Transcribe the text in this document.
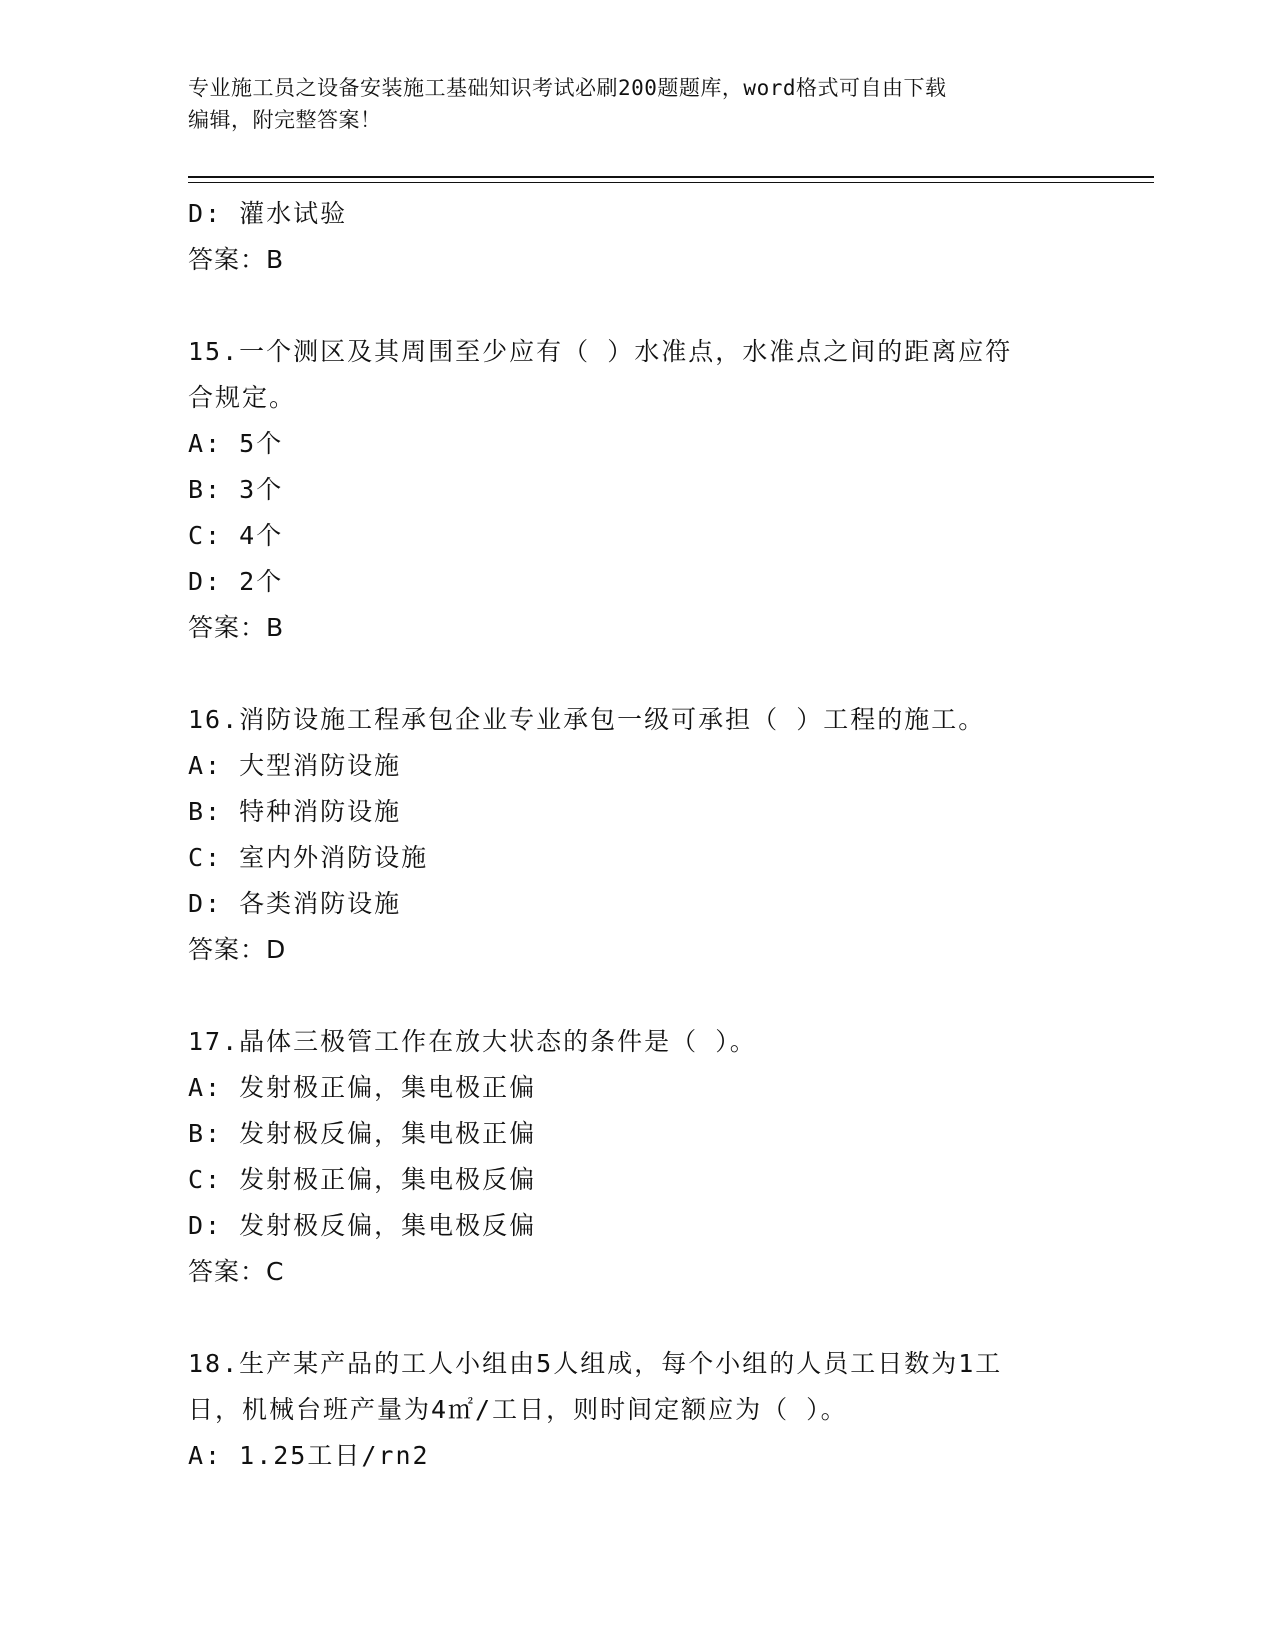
专业施工员之设备安装施工基础知识考试必刷200题题库，word格式可自由下载
编辑，附完整答案！
D: 灌水试验
答案：B
15.一个测区及其周围至少应有（ ）水准点，水准点之间的距离应符
合规定。
A: 5个
B: 3个
C: 4个
D: 2个
答案：B
16.消防设施工程承包企业专业承包一级可承担（ ）工程的施工。
A: 大型消防设施
B: 特种消防设施
C: 室内外消防设施
D: 各类消防设施
答案：D
17.晶体三极管工作在放大状态的条件是（ ）。
A: 发射极正偏，集电极正偏
B: 发射极反偏，集电极正偏
C: 发射极正偏，集电极反偏
D: 发射极反偏，集电极反偏
答案：C
18.生产某产品的工人小组由5人组成，每个小组的人员工日数为1工
日，机械台班产量为4㎡/工日，则时间定额应为（ ）。
A: 1.25工日/rn2
